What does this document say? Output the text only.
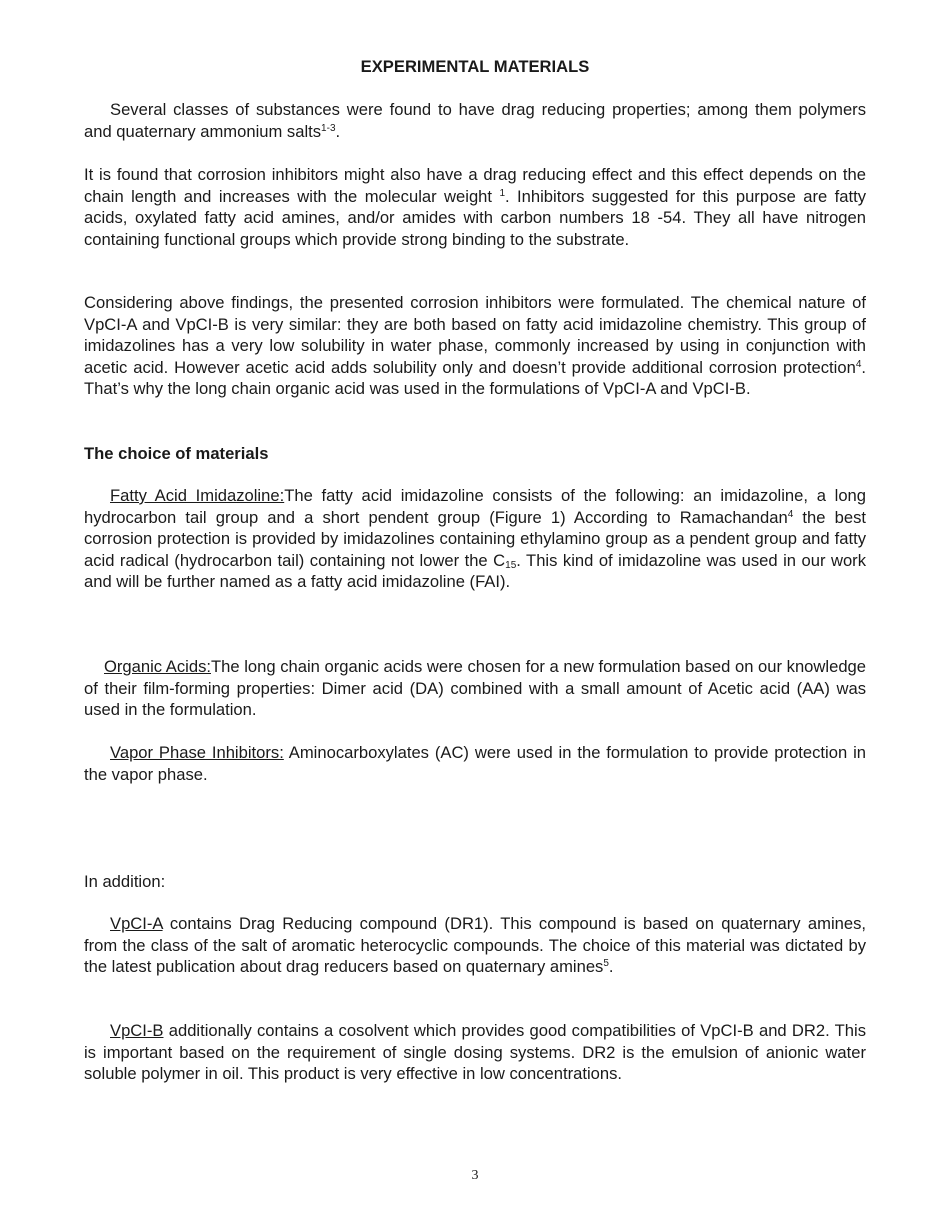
EXPERIMENTAL MATERIALS

Several classes of substances were found to have drag reducing properties; among them polymers and quaternary ammonium salts$^{1-3}$.

It is found that corrosion inhibitors might also have a drag reducing effect and this effect depends on the chain length and increases with the molecular weight $^1$. Inhibitors suggested for this purpose are fatty acids, oxylated fatty acid amines, and/or amides with carbon numbers 18 -54. They all have nitrogen containing functional groups which provide strong binding to the substrate.

Considering above findings, the presented corrosion inhibitors were formulated. The chemical nature of VpCI-A and VpCI-B is very similar: they are both based on fatty acid imidazoline chemistry. This group of imidazolines has a very low solubility in water phase, commonly increased by using in conjunction with acetic acid. However acetic acid adds solubility only and doesn’t provide additional corrosion protection$^4$. That’s why the long chain organic acid was used in the formulations of VpCI-A and VpCI-B.

The choice of materials

Fatty Acid Imidazoline:The fatty acid imidazoline consists of the following: an imidazoline, a long hydrocarbon tail group and a short pendent group (Figure 1) According to Ramachandan$^4$ the best corrosion protection is provided by imidazolines containing ethylamino group as a pendent group and fatty acid radical (hydrocarbon tail) containing not lower the $C_{15}$. This kind of imidazoline was used in our work and will be further named as a fatty acid imidazoline (FAI).

Organic Acids:The long chain organic acids were chosen for a new formulation based on our knowledge of their film-forming properties: Dimer acid (DA) combined with a small amount of Acetic acid (AA) was used in the formulation.

Vapor Phase Inhibitors: Aminocarboxylates (AC) were used in the formulation to provide protection in the vapor phase.

In addition:

VpCI-A contains Drag Reducing compound (DR1). This compound is based on quaternary amines, from the class of the salt of aromatic heterocyclic compounds. The choice of this material was dictated by the latest publication about drag reducers based on quaternary amines$^5$.

VpCI-B additionally contains a cosolvent which provides good compatibilities of VpCI-B and DR2. This is important based on the requirement of single dosing systems. DR2 is the emulsion of anionic water soluble polymer in oil. This product is very effective in low concentrations.

3
